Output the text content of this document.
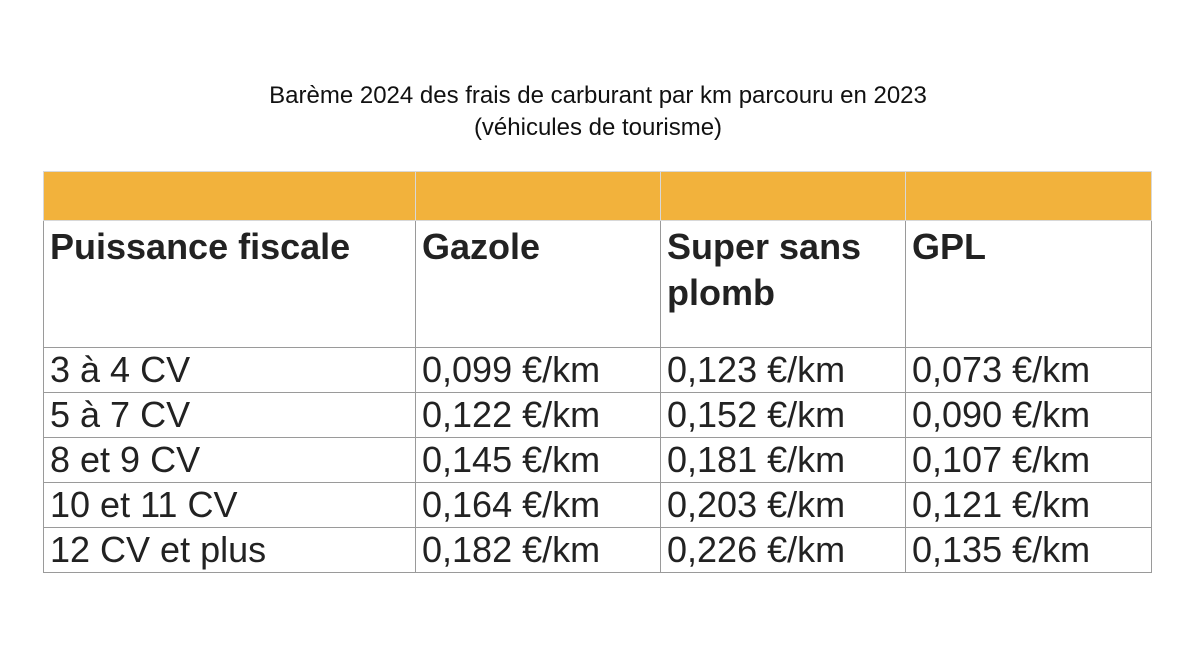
Barème 2024 des frais de carburant par km parcouru en 2023
(véhicules de tourisme)

Puissance fiscale	Gazole	Super sans plomb	GPL
3 à 4 CV	0,099 €/km	0,123 €/km	0,073 €/km
5 à 7 CV	0,122 €/km	0,152 €/km	0,090 €/km
8 et 9 CV	0,145 €/km	0,181 €/km	0,107 €/km
10 et 11 CV	0,164 €/km	0,203 €/km	0,121 €/km
12 CV et plus	0,182 €/km	0,226 €/km	0,135 €/km
